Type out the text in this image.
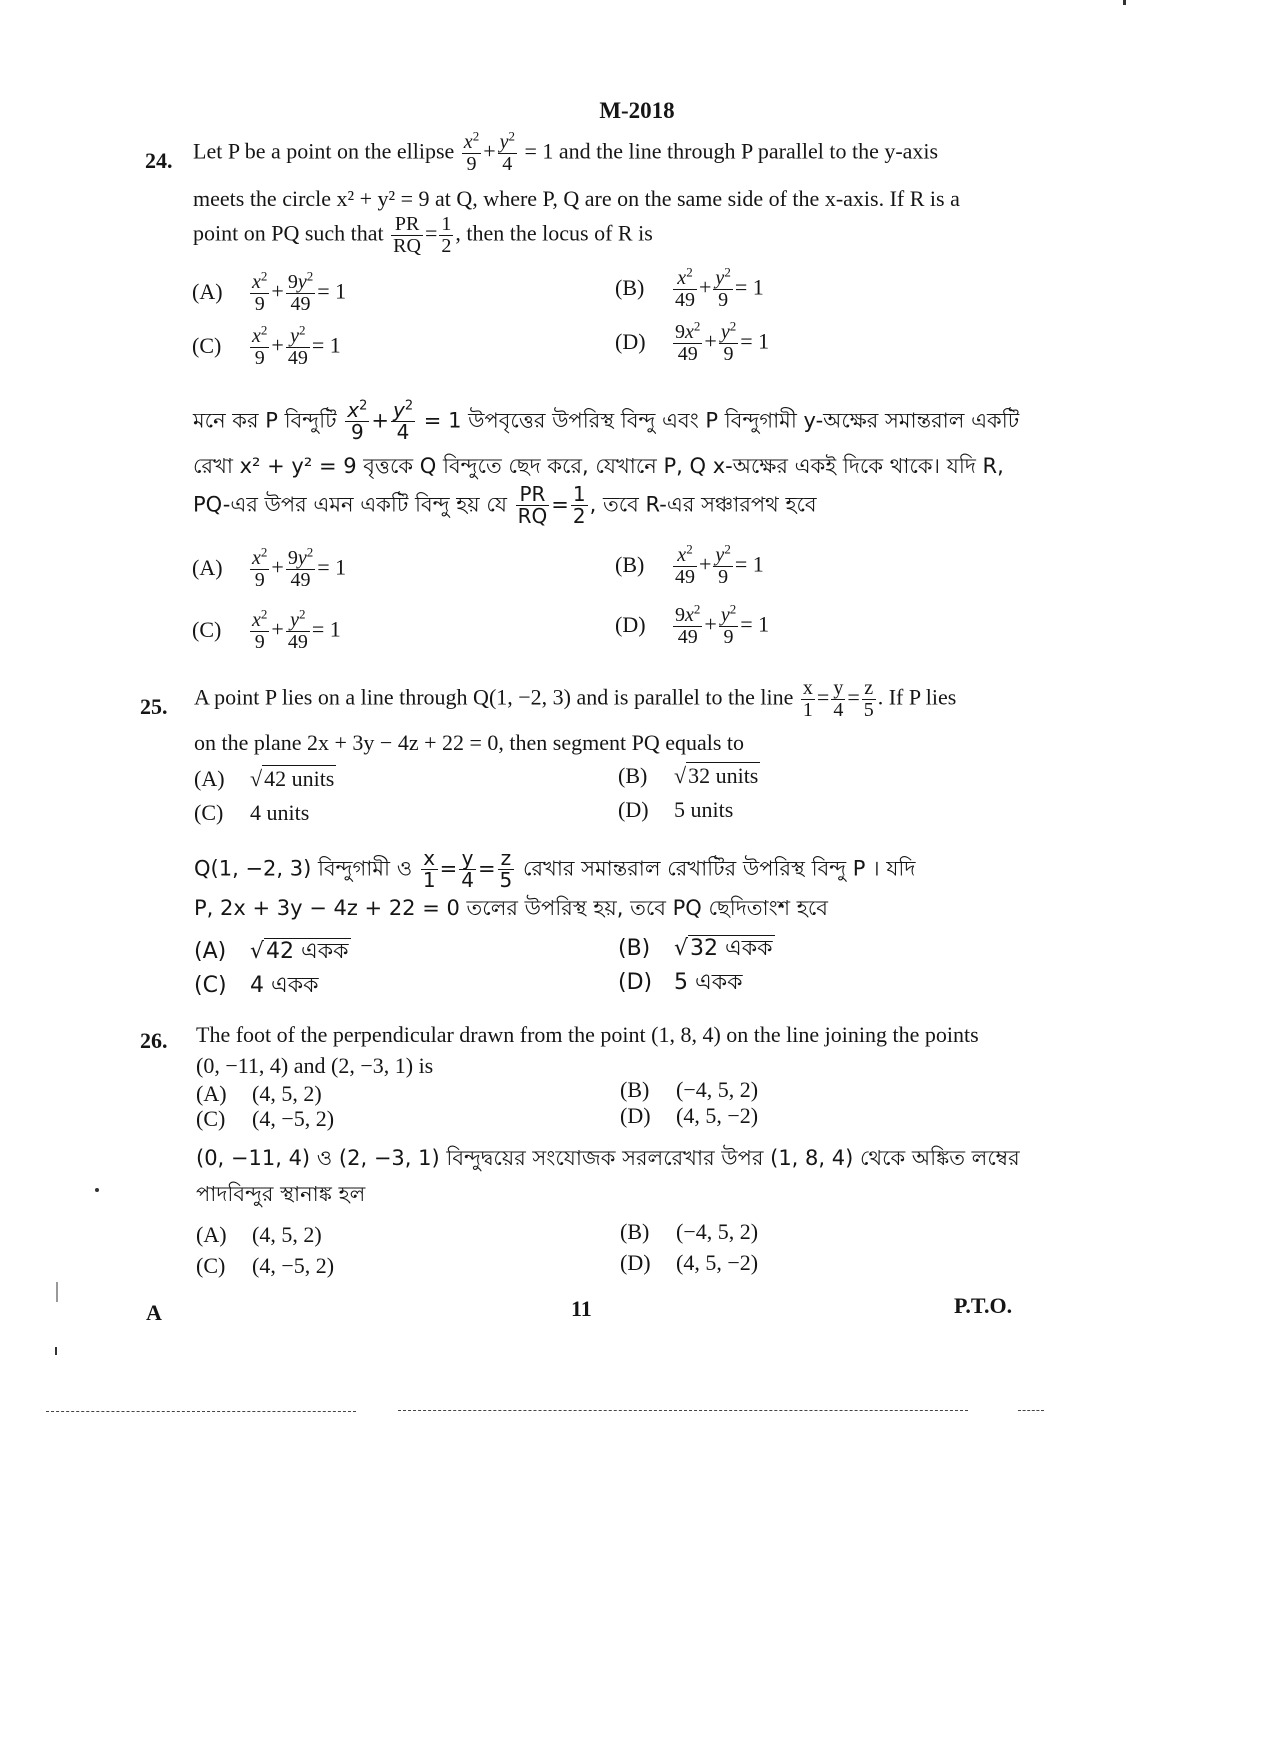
M-2018
24. Let P be a point on the ellipse $\frac{x^2}{9} + \frac{y^2}{4} = 1$ and the line through P parallel to the y-axis
meets the circle x² + y² = 9 at Q, where P, Q are on the same side of the x-axis. If R is a
point on PQ such that $\frac{PR}{RQ} = \frac{1}{2}$ , then the locus of R is
$(A) \frac{x^2}{9} + \frac{9y^2}{49} = 1$	$(B) \frac{x^2}{49} + \frac{y^2}{9} = 1$
$(C) \frac{x^2}{9} + \frac{y^2}{49} = 1$	$(D) \frac{9x^2}{49} + \frac{y^2}{9} = 1$
মনে কর P বিন্দুটি $\frac{x^2}{9} + \frac{y^2}{4} = 1$ উপবৃত্তের উপরিস্থ বিন্দু এবং P বিন্দুগামী y-অক্ষের সমান্তরাল একটি
রেখা x² + y² = 9 বৃত্তকে Q বিন্দুতে ছেদ করে, যেখানে P, Q x-অক্ষের একই দিকে থাকে। যদি R,
PQ-এর উপর এমন একটি বিন্দু হয় যে $\frac{PR}{RQ} = \frac{1}{2}$ , তবে R-এর সঞ্চারপথ হবে
$(A) \frac{x^2}{9} + \frac{9y^2}{49} = 1$	$(B) \frac{x^2}{49} + \frac{y^2}{9} = 1$
$(C) \frac{x^2}{9} + \frac{y^2}{49} = 1$	$(D) \frac{9x^2}{49} + \frac{y^2}{9} = 1$
25. A point P lies on a line through Q(1, −2, 3) and is parallel to the line $\frac{x}{1} = \frac{y}{4} = \frac{z}{5}$ . If P lies
on the plane 2x + 3y − 4z + 22 = 0, then segment PQ equals to
(A) √42 units	(B) √32 units
(C) 4 units	(D) 5 units
Q(1, −2, 3) বিন্দুগামী ও $\frac{x}{1} = \frac{y}{4} = \frac{z}{5}$ রেখার সমান্তরাল রেখাটির উপরিস্থ বিন্দু P । যদি
P, 2x + 3y − 4z + 22 = 0 তলের উপরিস্থ হয়, তবে PQ ছেদিতাংশ হবে
(A) √42 একক	(B) √32 একক
(C) 4 একক	(D) 5 একক
26. The foot of the perpendicular drawn from the point (1, 8, 4) on the line joining the points
(0, −11, 4) and (2, −3, 1) is
(A) (4, 5, 2)	(B) (−4, 5, 2)
(C) (4, −5, 2)	(D) (4, 5, −2)
(0, −11, 4) ও (2, −3, 1) বিন্দুদ্বয়ের সংযোজক সরলরেখার উপর (1, 8, 4) থেকে অঙ্কিত লম্বের
পাদবিন্দুর স্থানাঙ্ক হল
(A) (4, 5, 2)	(B) (−4, 5, 2)
(C) (4, −5, 2)	(D) (4, 5, −2)
A	11	P.T.O.
